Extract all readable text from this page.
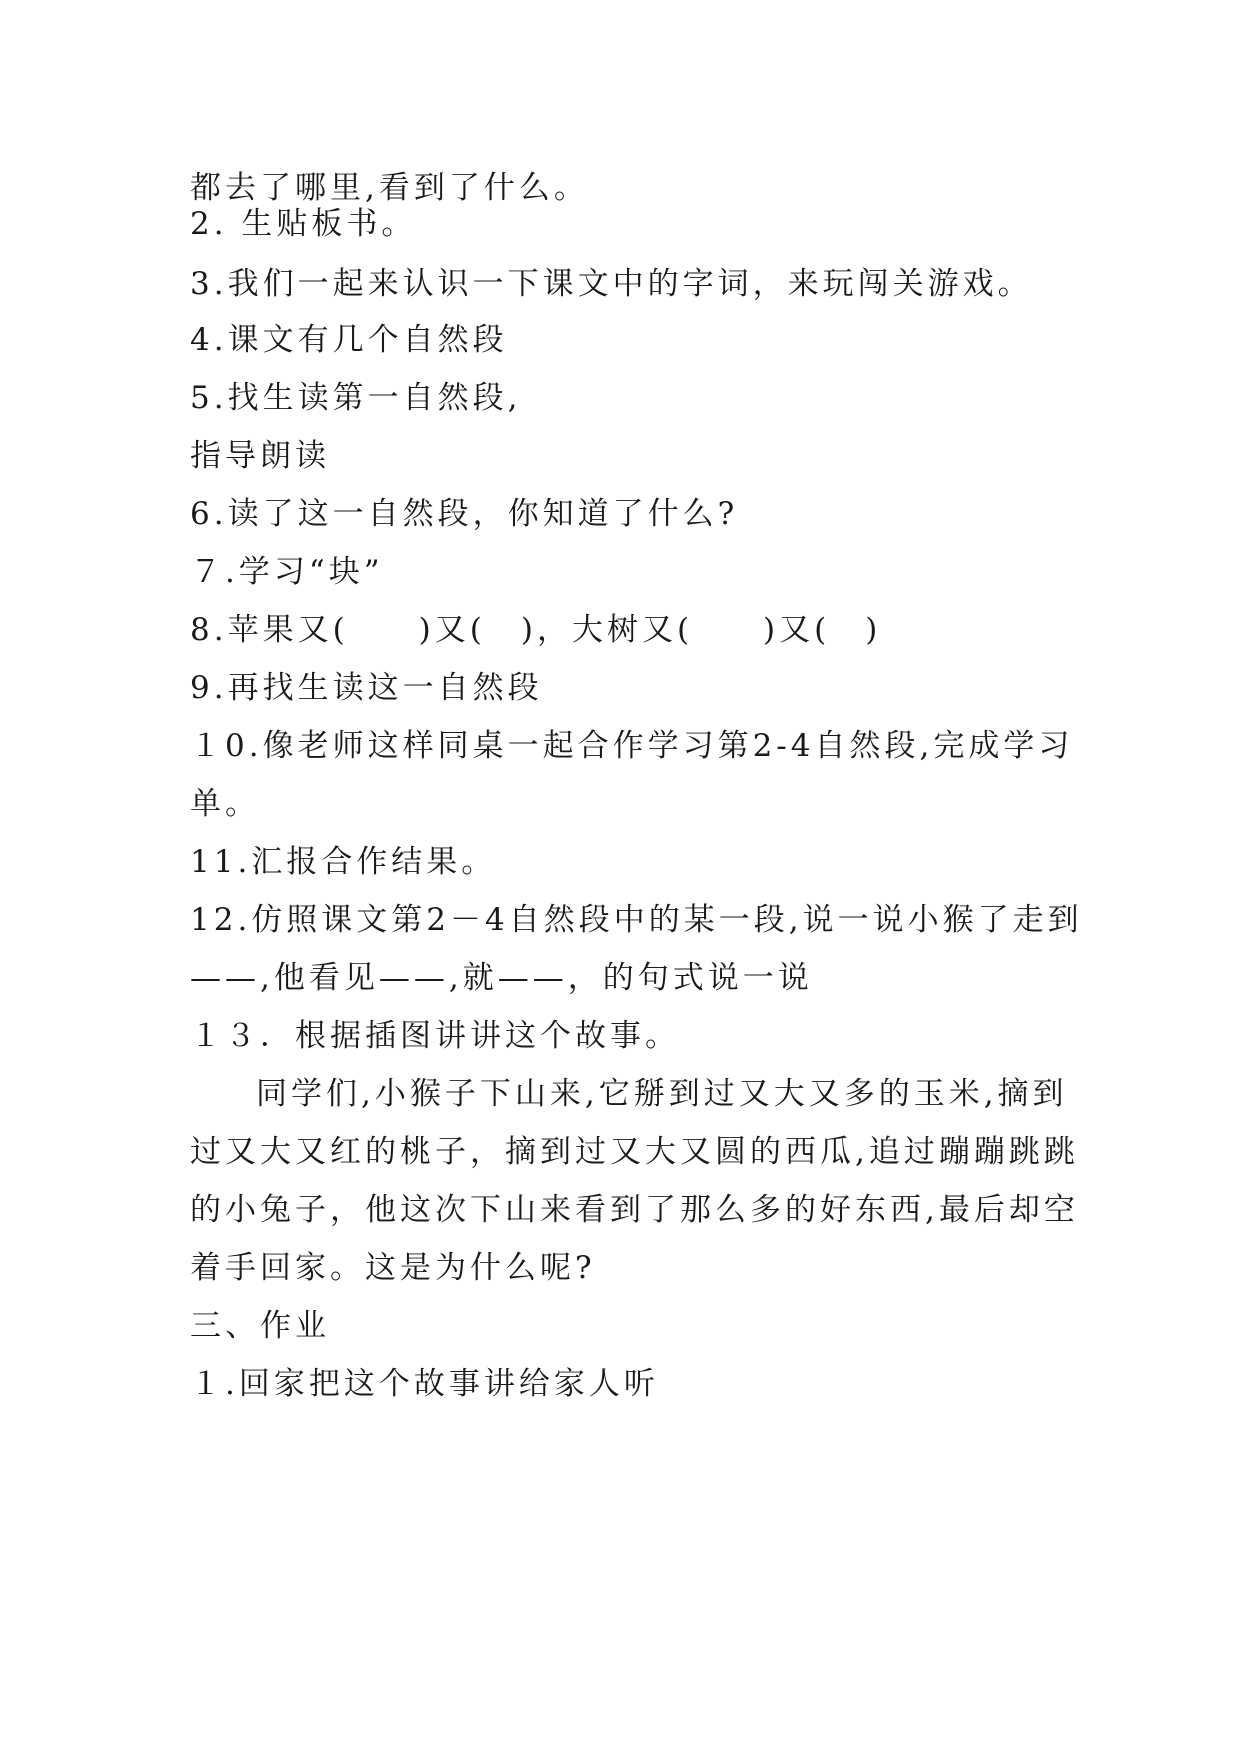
都去了哪里,看到了什么。
2. 生贴板书。
3.我们一起来认识一下课文中的字词，来玩闯关游戏。
4.课文有几个自然段
5.找生读第一自然段,
指导朗读
6.读了这一自然段，你知道了什么?
７.学习“块”
8.苹果又(　　)又(　)，大树又(　　)又(　)
9.再找生读这一自然段
１0.像老师这样同桌一起合作学习第2-4自然段,完成学习
单。
11.汇报合作结果。
12.仿照课文第2－4自然段中的某一段,说一说小猴了走到
——,他看见——,就——，的句式说一说
１３．根据插图讲讲这个故事。
同学们,小猴子下山来,它掰到过又大又多的玉米,摘到
过又大又红的桃子，摘到过又大又圆的西瓜,追过蹦蹦跳跳
的小兔子，他这次下山来看到了那么多的好东西,最后却空
着手回家。这是为什么呢?
三、作业
１.回家把这个故事讲给家人听
